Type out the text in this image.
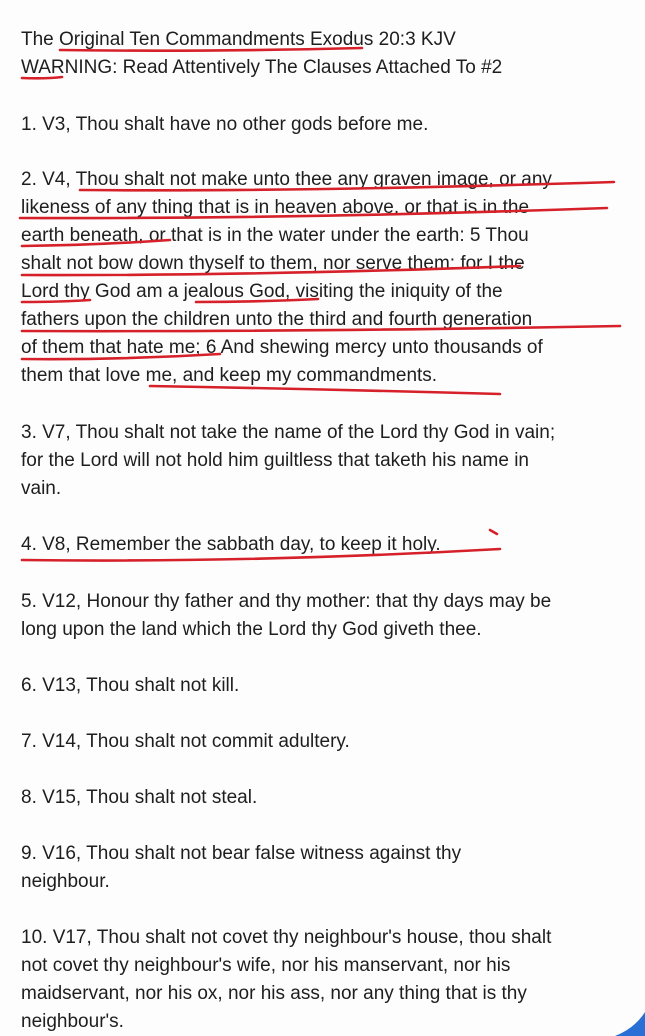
The Original Ten Commandments Exodus 20:3 KJV
WARNING: Read Attentively The Clauses Attached To #2
1. V3, Thou shalt have no other gods before me.
2. V4, Thou shalt not make unto thee any graven image, or any
likeness of any thing that is in heaven above, or that is in the
earth beneath, or that is in the water under the earth: 5 Thou
shalt not bow down thyself to them, nor serve them: for I the
Lord thy God am a jealous God, visiting the iniquity of the
fathers upon the children unto the third and fourth generation
of them that hate me; 6 And shewing mercy unto thousands of
them that love me, and keep my commandments.
3. V7, Thou shalt not take the name of the Lord thy God in vain;
for the Lord will not hold him guiltless that taketh his name in
vain.
4. V8, Remember the sabbath day, to keep it holy.
5. V12, Honour thy father and thy mother: that thy days may be
long upon the land which the Lord thy God giveth thee.
6. V13, Thou shalt not kill.
7. V14, Thou shalt not commit adultery.
8. V15, Thou shalt not steal.
9. V16, Thou shalt not bear false witness against thy
neighbour.
10. V17, Thou shalt not covet thy neighbour's house, thou shalt
not covet thy neighbour's wife, nor his manservant, nor his
maidservant, nor his ox, nor his ass, nor any thing that is thy
neighbour's.
